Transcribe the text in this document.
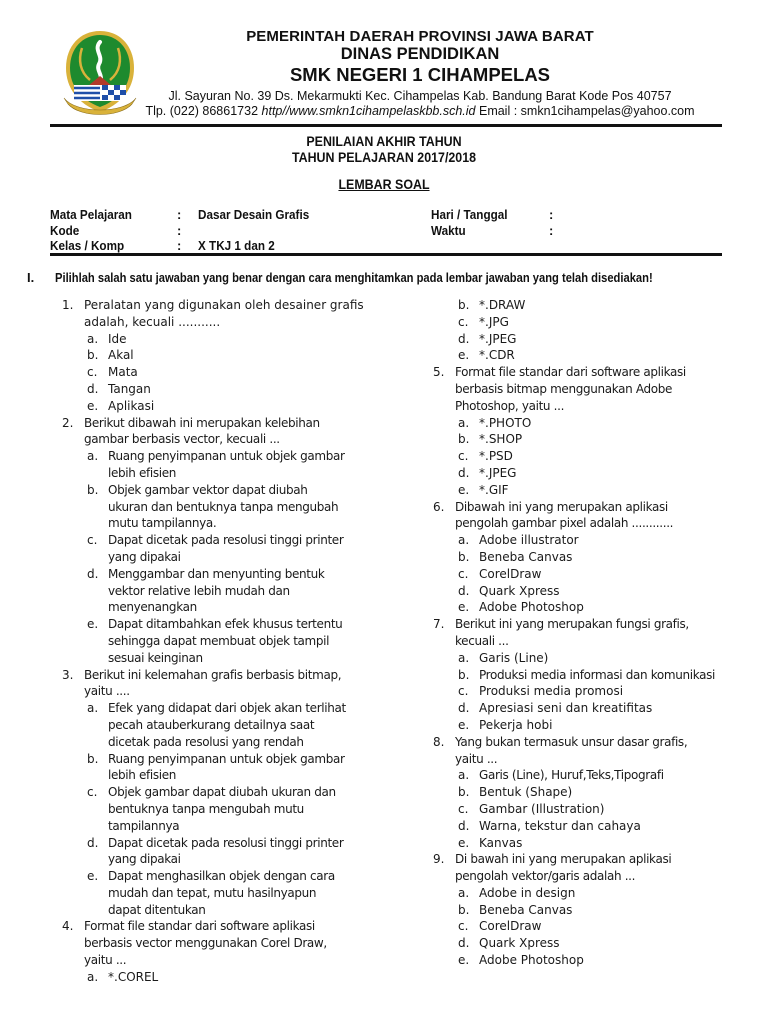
PEMERINTAH DAERAH PROVINSI JAWA BARAT
DINAS PENDIDIKAN
SMK NEGERI 1 CIHAMPELAS
Jl. Sayuran No. 39 Ds. Mekarmukti Kec. Cihampelas Kab. Bandung Barat Kode Pos 40757
Tlp. (022) 86861732 http//www.smkn1cihampelaskbb.sch.id Email : smkn1cihampelas@yahoo.com
PENILAIAN AKHIR TAHUN
TAHUN PELAJARAN 2017/2018
LEMBAR SOAL
Mata Pelajaran	: Dasar Desain Grafis	Hari / Tanggal	:
Kode	:	Waktu	:
Kelas / Komp	: X TKJ 1 dan 2
I. Pilihlah salah satu jawaban yang benar dengan cara menghitamkan pada lembar jawaban yang telah disediakan!
1. Peralatan yang digunakan oleh desainer grafis
adalah, kecuali ...........
a. Ide
b. Akal
c. Mata
d. Tangan
e. Aplikasi
2. Berikut dibawah ini merupakan kelebihan
gambar berbasis vector, kecuali ...
a. Ruang penyimpanan untuk objek gambar
lebih efisien
b. Objek gambar vektor dapat diubah
ukuran dan bentuknya tanpa mengubah
mutu tampilannya.
c. Dapat dicetak pada resolusi tinggi printer
yang dipakai
d. Menggambar dan menyunting bentuk
vektor relative lebih mudah dan
menyenangkan
e. Dapat ditambahkan efek khusus tertentu
sehingga dapat membuat objek tampil
sesuai keinginan
3. Berikut ini kelemahan grafis berbasis bitmap,
yaitu ....
a. Efek yang didapat dari objek akan terlihat
pecah atauberkurang detailnya saat
dicetak pada resolusi yang rendah
b. Ruang penyimpanan untuk objek gambar
lebih efisien
c. Objek gambar dapat diubah ukuran dan
bentuknya tanpa mengubah mutu
tampilannya
d. Dapat dicetak pada resolusi tinggi printer
yang dipakai
e. Dapat menghasilkan objek dengan cara
mudah dan tepat, mutu hasilnyapun
dapat ditentukan
4. Format file standar dari software aplikasi
berbasis vector menggunakan Corel Draw,
yaitu ...
a. *.COREL
b. *.DRAW
c. *.JPG
d. *.JPEG
e. *.CDR
5. Format file standar dari software aplikasi
berbasis bitmap menggunakan Adobe
Photoshop, yaitu ...
a. *.PHOTO
b. *.SHOP
c. *.PSD
d. *.JPEG
e. *.GIF
6. Dibawah ini yang merupakan aplikasi
pengolah gambar pixel adalah ............
a. Adobe illustrator
b. Beneba Canvas
c. CorelDraw
d. Quark Xpress
e. Adobe Photoshop
7. Berikut ini yang merupakan fungsi grafis,
kecuali ...
a. Garis (Line)
b. Produksi media informasi dan komunikasi
c. Produksi media promosi
d. Apresiasi seni dan kreatifitas
e. Pekerja hobi
8. Yang bukan termasuk unsur dasar grafis,
yaitu ...
a. Garis (Line), Huruf,Teks,Tipografi
b. Bentuk (Shape)
c. Gambar (Illustration)
d. Warna, tekstur dan cahaya
e. Kanvas
9. Di bawah ini yang merupakan aplikasi
pengolah vektor/garis adalah ...
a. Adobe in design
b. Beneba Canvas
c. CorelDraw
d. Quark Xpress
e. Adobe Photoshop
